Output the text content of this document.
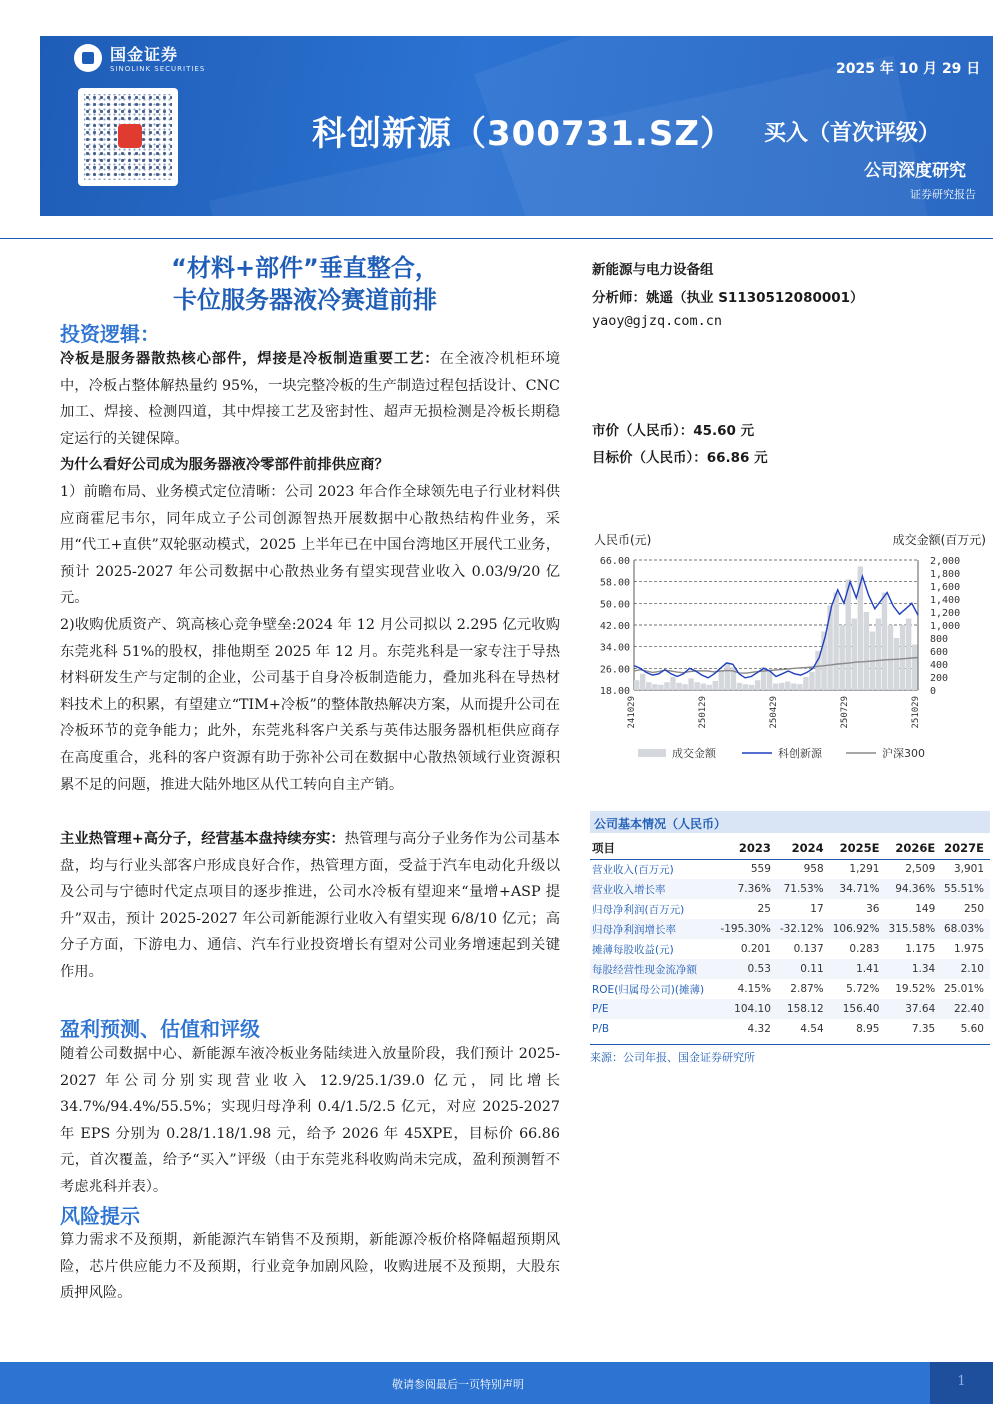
国金证券
SINOLINK SECURITIES	2025 年 10 月 29 日
科创新源（300731.SZ） 买入（首次评级）
公司深度研究
证券研究报告
“材料+部件”垂直整合，
卡位服务器液冷赛道前排
投资逻辑：
冷板是服务器散热核心部件，焊接是冷板制造重要工艺：在全液冷机柜环境中，冷板占整体解热量约 95%，一块完整冷板的生产制造过程包括设计、CNC 加工、焊接、检测四道，其中焊接工艺及密封性、超声无损检测是冷板长期稳定运行的关键保障。
为什么看好公司成为服务器液冷零部件前排供应商？
1）前瞻布局、业务模式定位清晰：公司 2023 年合作全球领先电子行业材料供应商霍尼韦尔，同年成立子公司创源智热开展数据中心散热结构件业务，采用“代工+直供”双轮驱动模式，2025 上半年已在中国台湾地区开展代工业务，预计 2025-2027 年公司数据中心散热业务有望实现营业收入 0.03/9/20 亿元。
2)收购优质资产、筑高核心竞争壁垒:2024 年 12 月公司拟以 2.295 亿元收购东莞兆科 51%的股权，排他期至 2025 年 12 月。东莞兆科是一家专注于导热材料研发生产与定制的企业，公司基于自身冷板制造能力，叠加兆科在导热材料技术上的积累，有望建立“TIM+冷板”的整体散热解决方案，从而提升公司在冷板环节的竞争能力；此外，东莞兆科客户关系与英伟达服务器机柜供应商存在高度重合，兆科的客户资源有助于弥补公司在数据中心散热领域行业资源积累不足的问题，推进大陆外地区从代工转向自主产销。
主业热管理+高分子，经营基本盘持续夯实：热管理与高分子业务作为公司基本盘，均与行业头部客户形成良好合作，热管理方面，受益于汽车电动化升级以及公司与宁德时代定点项目的逐步推进，公司水冷板有望迎来“量增+ASP 提升”双击，预计 2025-2027 年公司新能源行业收入有望实现 6/8/10 亿元；高分子方面，下游电力、通信、汽车行业投资增长有望对公司业务增速起到关键作用。
盈利预测、估值和评级
随着公司数据中心、新能源车液冷板业务陆续进入放量阶段，我们预计 2025-2027 年公司分别实现营业收入 12.9/25.1/39.0 亿元，同比增长 34.7%/94.4%/55.5%；实现归母净利 0.4/1.5/2.5 亿元，对应 2025-2027 年 EPS 分别为 0.28/1.18/1.98 元，给予 2026 年 45XPE，目标价 66.86 元，首次覆盖，给予“买入”评级（由于东莞兆科收购尚未完成，盈利预测暂不考虑兆科并表）。
风险提示
算力需求不及预期，新能源汽车销售不及预期，新能源冷板价格降幅超预期风险，芯片供应能力不及预期，行业竞争加剧风险，收购进展不及预期，大股东质押风险。
新能源与电力设备组
分析师：姚遥（执业 S1130512080001）
yaoy@gjzq.com.cn
市价（人民币）：45.60 元
目标价（人民币）：66.86 元
人民币(元)	成交金额(百万元)
66.00
58.00
50.00
42.00
34.00
26.00
18.00
2,000
1,800
1,600
1,400
1,200
1,000
800
600
400
200
0
241029	250129	250429	250729	251029
成交金额	科创新源	沪深300
公司基本情况（人民币）
项目	2023	2024	2025E	2026E	2027E
营业收入(百万元)	559	958	1,291	2,509	3,901
营业收入增长率	7.36%	71.53%	34.71%	94.36%	55.51%
归母净利润(百万元)	25	17	36	149	250
归母净利润增长率	-195.30%	-32.12%	106.92%	315.58%	68.03%
摊薄每股收益(元)	0.201	0.137	0.283	1.175	1.975
每股经营性现金流净额	0.53	0.11	1.41	1.34	2.10
ROE(归属母公司)(摊薄)	4.15%	2.87%	5.72%	19.52%	25.01%
P/E	104.10	158.12	156.40	37.64	22.40
P/B	4.32	4.54	8.95	7.35	5.60
来源：公司年报、国金证券研究所
敬请参阅最后一页特别声明	1
